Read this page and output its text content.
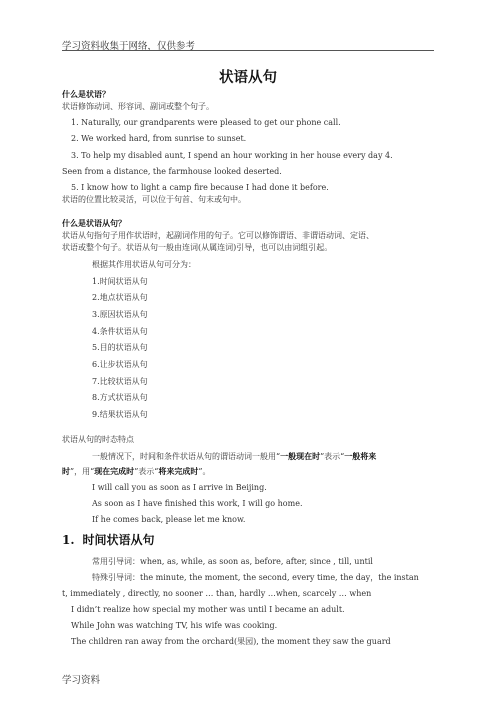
学习资料收集于网络，仅供参考
状语从句
什么是状语？
状语修饰动词、形容词、副词或整个句子。
1. Naturally, our grandparents were pleased to get our phone call.
2. We worked hard, from sunrise to sunset.
3. To help my disabled aunt, I spend an hour working in her house every day 4.
Seen from a distance, the farmhouse looked deserted.
5. I know how to light a camp fire because I had done it before.
状语的位置比较灵活，可以位于句首、句末或句中。
什么是状语从句？
状语从句指句子用作状语时，起副词作用的句子。它可以修饰谓语、非谓语动词、定语、
状语或整个句子。状语从句一般由连词(从属连词)引导，也可以由词组引起。
根据其作用状语从句可分为：
1.时间状语从句
2.地点状语从句
3.原因状语从句
4.条件状语从句
5.目的状语从句
6.让步状语从句
7.比较状语从句
8.方式状语从句
9.结果状语从句
状语从句的时态特点
一般情况下，时间和条件状语从句的谓语动词一般用“一般现在时”表示“一般将来
时”，用“现在完成时”表示“将来完成时”。
I will call you as soon as I arrive in Beijing.
As soon as I have finished this work, I will go home.
If he comes back, please let me know.
1. 时间状语从句
常用引导词：when, as, while, as soon as, before, after, since , till, until
特殊引导词：the minute, the moment, the second, every time, the day，the instan
t, immediately , directly, no sooner … than, hardly …when, scarcely … when
I didn’t realize how special my mother was until I became an adult.
While John was watching TV, his wife was cooking.
The children ran away from the orchard(果园), the moment they saw the guard
学习资料
